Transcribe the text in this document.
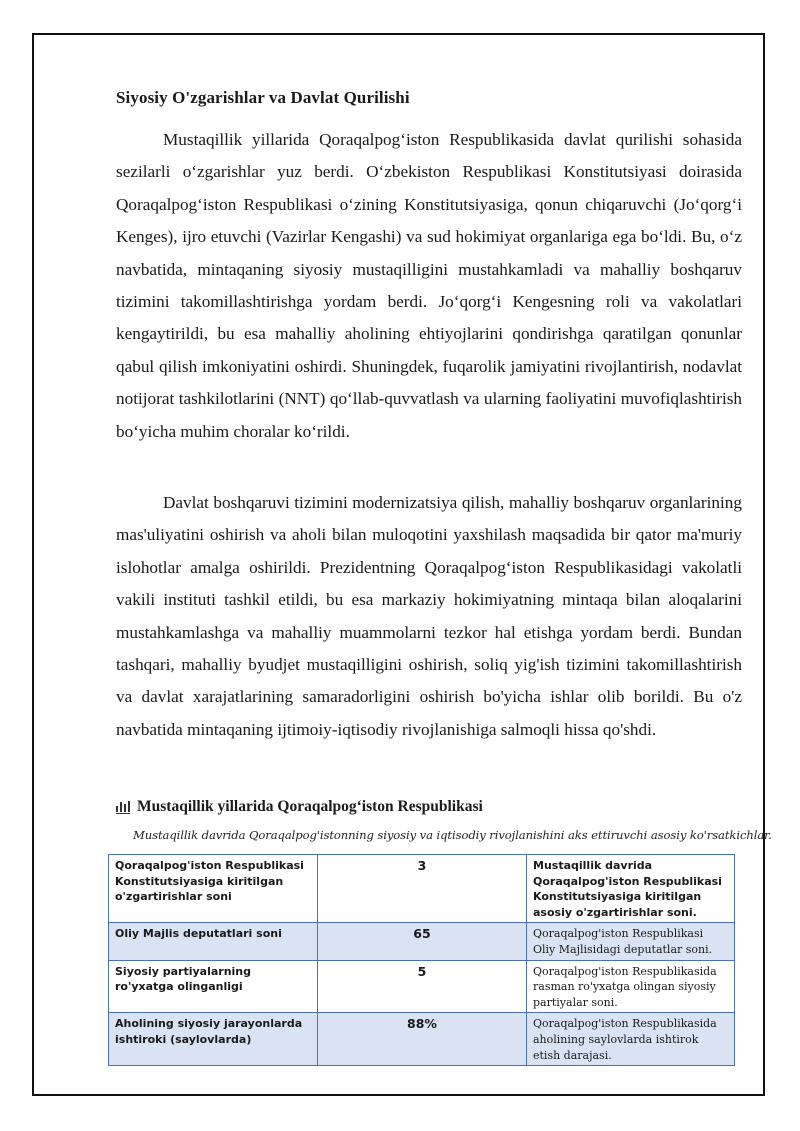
Siyosiy O'zgarishlar va Davlat Qurilishi

Mustaqillik yillarida Qoraqalpog‘iston Respublikasida davlat qurilishi sohasida sezilarli o‘zgarishlar yuz berdi. O‘zbekiston Respublikasi Konstitutsiyasi doirasida Qoraqalpog‘iston Respublikasi o‘zining Konstitutsiyasiga, qonun chiqaruvchi (Jo‘qorg‘i Kenges), ijro etuvchi (Vazirlar Kengashi) va sud hokimiyat organlariga ega bo‘ldi. Bu, o‘z navbatida, mintaqaning siyosiy mustaqilligini mustahkamladi va mahalliy boshqaruv tizimini takomillashtirishga yordam berdi. Jo‘qorg‘i Kengesning roli va vakolatlari kengaytirildi, bu esa mahalliy aholining ehtiyojlarini qondirishga qaratilgan qonunlar qabul qilish imkoniyatini oshirdi. Shuningdek, fuqarolik jamiyatini rivojlantirish, nodavlat notijorat tashkilotlarini (NNT) qo‘llab-quvvatlash va ularning faoliyatini muvofiqlashtirish bo‘yicha muhim choralar ko‘rildi.

Davlat boshqaruvi tizimini modernizatsiya qilish, mahalliy boshqaruv organlarining mas'uliyatini oshirish va aholi bilan muloqotini yaxshilash maqsadida bir qator ma'muriy islohotlar amalga oshirildi. Prezidentning Qoraqalpog‘iston Respublikasidagi vakolatli vakili instituti tashkil etildi, bu esa markaziy hokimiyatning mintaqa bilan aloqalarini mustahkamlashga va mahalliy muammolarni tezkor hal etishga yordam berdi. Bundan tashqari, mahalliy byudjet mustaqilligini oshirish, soliq yig'ish tizimini takomillashtirish va davlat xarajatlarining samaradorligini oshirish bo'yicha ishlar olib borildi. Bu o'z navbatida mintaqaning ijtimoiy-iqtisodiy rivojlanishiga salmoqli hissa qo'shdi.

Mustaqillik yillarida Qoraqalpog‘iston Respublikasi
Mustaqillik davrida Qoraqalpog'istonning siyosiy va iqtisodiy rivojlanishini aks ettiruvchi asosiy ko'rsatkichlar.
Qoraqalpog'iston Respublikasi Konstitutsiyasiga kiritilgan o'zgartirishlar soni	3	Mustaqillik davrida Qoraqalpog'iston Respublikasi Konstitutsiyasiga kiritilgan asosiy o'zgartirishlar soni.
Oliy Majlis deputatlari soni	65	Qoraqalpog'iston Respublikasi Oliy Majlisidagi deputatlar soni.
Siyosiy partiyalarning ro'yxatga olinganligi	5	Qoraqalpog'iston Respublikasida rasman ro'yxatga olingan siyosiy partiyalar soni.
Aholining siyosiy jarayonlarda ishtiroki (saylovlarda)	88%	Qoraqalpog'iston Respublikasida aholining saylovlarda ishtirok etish darajasi.
